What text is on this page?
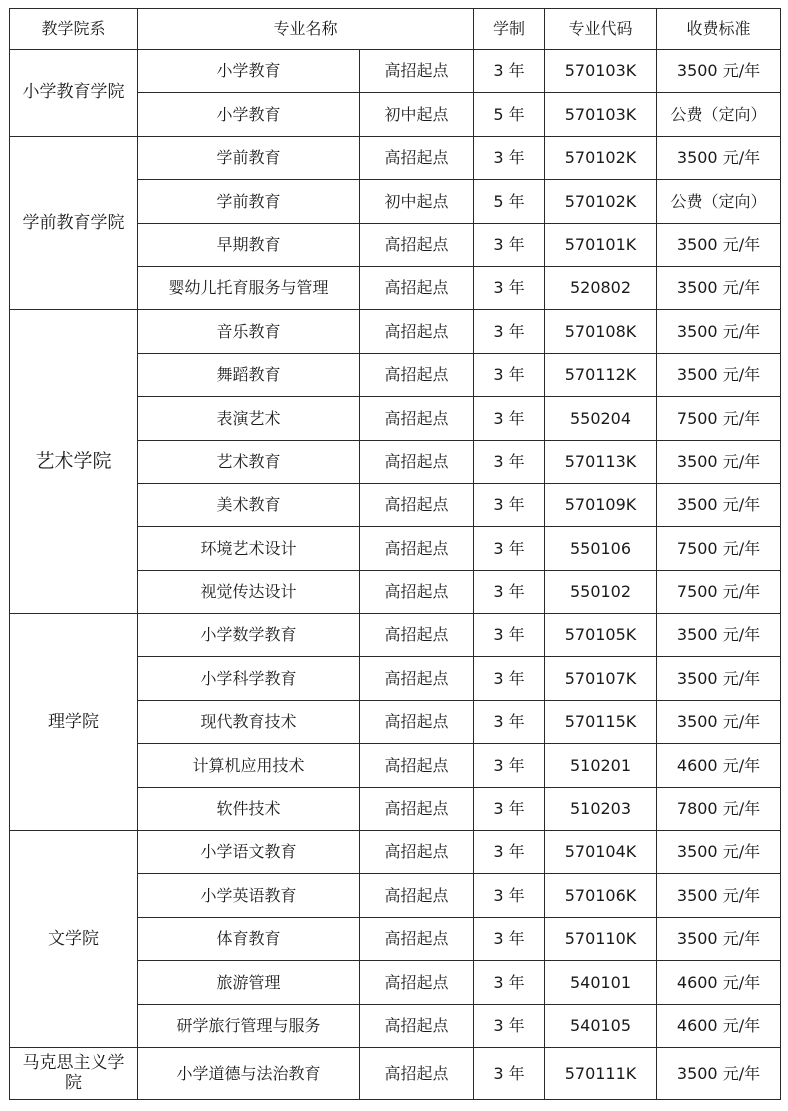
教学院系	专业名称		学制	专业代码	收费标准
小学教育学院	小学教育	高招起点	3 年	570103K	3500 元/年
	小学教育	初中起点	5 年	570103K	公费（定向）
学前教育学院	学前教育	高招起点	3 年	570102K	3500 元/年
	学前教育	初中起点	5 年	570102K	公费（定向）
	早期教育	高招起点	3 年	570101K	3500 元/年
	婴幼儿托育服务与管理	高招起点	3 年	520802	3500 元/年
艺术学院	音乐教育	高招起点	3 年	570108K	3500 元/年
	舞蹈教育	高招起点	3 年	570112K	3500 元/年
	表演艺术	高招起点	3 年	550204	7500 元/年
	艺术教育	高招起点	3 年	570113K	3500 元/年
	美术教育	高招起点	3 年	570109K	3500 元/年
	环境艺术设计	高招起点	3 年	550106	7500 元/年
	视觉传达设计	高招起点	3 年	550102	7500 元/年
理学院	小学数学教育	高招起点	3 年	570105K	3500 元/年
	小学科学教育	高招起点	3 年	570107K	3500 元/年
	现代教育技术	高招起点	3 年	570115K	3500 元/年
	计算机应用技术	高招起点	3 年	510201	4600 元/年
	软件技术	高招起点	3 年	510203	7800 元/年
文学院	小学语文教育	高招起点	3 年	570104K	3500 元/年
	小学英语教育	高招起点	3 年	570106K	3500 元/年
	体育教育	高招起点	3 年	570110K	3500 元/年
	旅游管理	高招起点	3 年	540101	4600 元/年
	研学旅行管理与服务	高招起点	3 年	540105	4600 元/年
马克思主义学院	小学道德与法治教育	高招起点	3 年	570111K	3500 元/年
